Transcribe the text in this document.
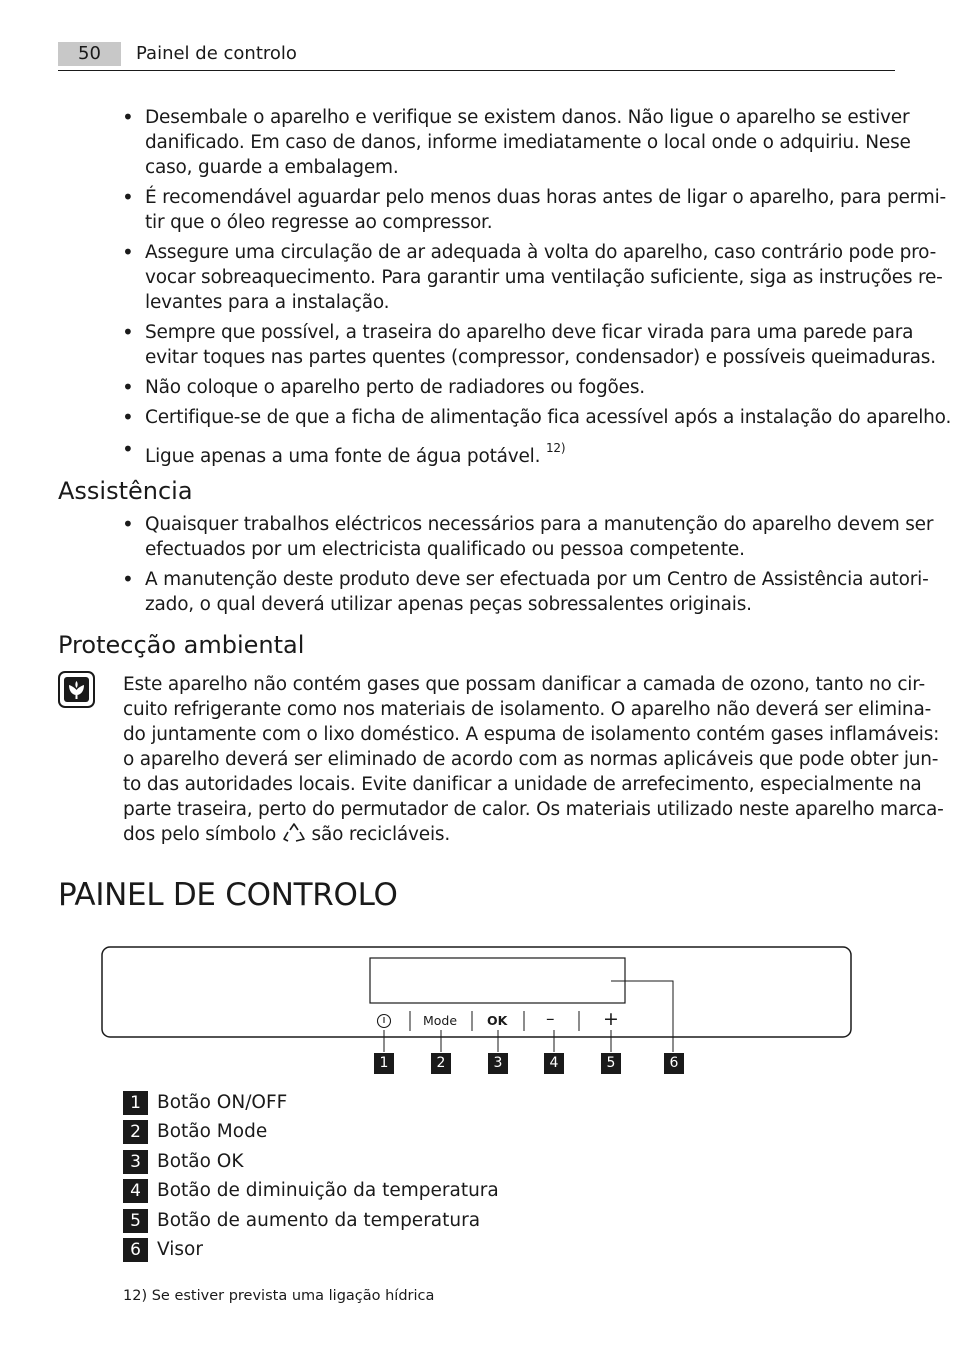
50	Painel de controlo
• Desembale o aparelho e verifique se existem danos. Não ligue o aparelho se estiver
danificado. Em caso de danos, informe imediatamente o local onde o adquiriu. Nese
caso, guarde a embalagem.
• É recomendável aguardar pelo menos duas horas antes de ligar o aparelho, para permi-
tir que o óleo regresse ao compressor.
• Assegure uma circulação de ar adequada à volta do aparelho, caso contrário pode pro-
vocar sobreaquecimento. Para garantir uma ventilação suficiente, siga as instruções re-
levantes para a instalação.
• Sempre que possível, a traseira do aparelho deve ficar virada para uma parede para
evitar toques nas partes quentes (compressor, condensador) e possíveis queimaduras.
• Não coloque o aparelho perto de radiadores ou fogões.
• Certifique-se de que a ficha de alimentação fica acessível após a instalação do aparelho.
• Ligue apenas a uma fonte de água potável. $^{12)}$
Assistência
• Quaisquer trabalhos eléctricos necessários para a manutenção do aparelho devem ser
efectuados por um electricista qualificado ou pessoa competente.
• A manutenção deste produto deve ser efectuada por um Centro de Assistência autori-
zado, o qual deverá utilizar apenas peças sobressalentes originais.
Protecção ambiental
Este aparelho não contém gases que possam danificar a camada de ozono, tanto no cir-
cuito refrigerante como nos materiais de isolamento. O aparelho não deverá ser elimina-
do juntamente com o lixo doméstico. A espuma de isolamento contém gases inflamáveis:
o aparelho deverá ser eliminado de acordo com as normas aplicáveis que pode obter jun-
to das autoridades locais. Evite danificar a unidade de arrefecimento, especialmente na
parte traseira, perto do permutador de calor. Os materiais utilizado neste aparelho marca-
dos pelo símbolo são recicláveis.
PAINEL DE CONTROLO
Mode OK –	+
1	2	3	4	5	6
1 Botão ON/OFF
2 Botão Mode
3 Botão OK
4 Botão de diminuição da temperatura
5 Botão de aumento da temperatura
6 Visor
12) Se estiver prevista uma ligação hídrica
